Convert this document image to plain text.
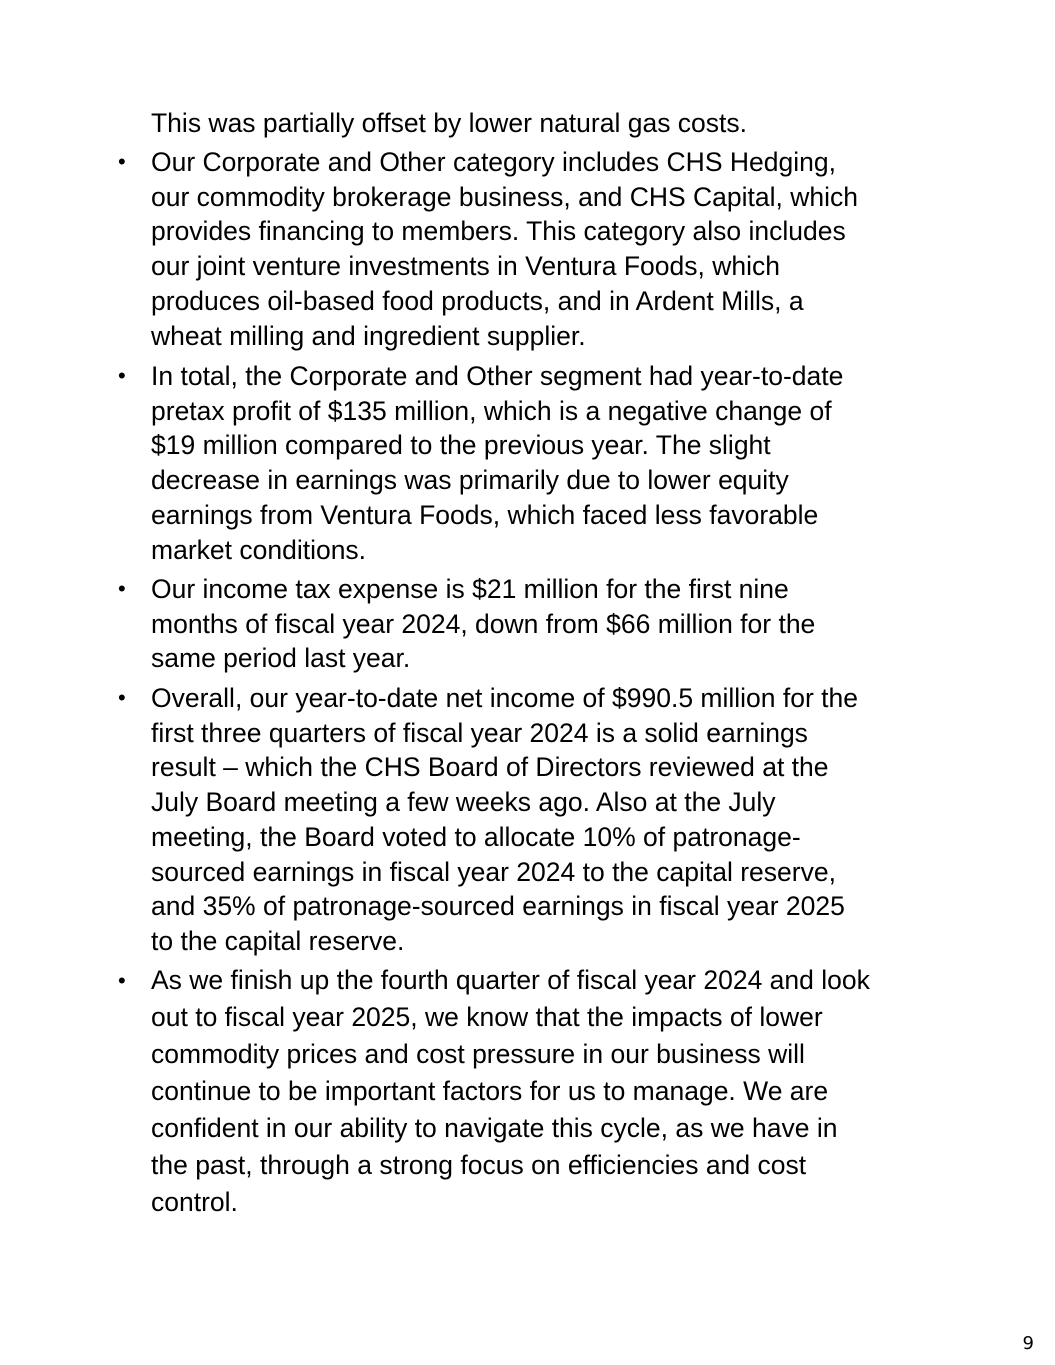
This was partially offset by lower natural gas costs.
• Our Corporate and Other category includes CHS Hedging,
our commodity brokerage business, and CHS Capital, which
provides financing to members. This category also includes
our joint venture investments in Ventura Foods, which
produces oil-based food products, and in Ardent Mills, a
wheat milling and ingredient supplier.
• In total, the Corporate and Other segment had year-to-date
pretax profit of $135 million, which is a negative change of
$19 million compared to the previous year. The slight
decrease in earnings was primarily due to lower equity
earnings from Ventura Foods, which faced less favorable
market conditions.
• Our income tax expense is $21 million for the first nine
months of fiscal year 2024, down from $66 million for the
same period last year.
• Overall, our year-to-date net income of $990.5 million for the
first three quarters of fiscal year 2024 is a solid earnings
result – which the CHS Board of Directors reviewed at the
July Board meeting a few weeks ago. Also at the July
meeting, the Board voted to allocate 10% of patronage-
sourced earnings in fiscal year 2024 to the capital reserve,
and 35% of patronage-sourced earnings in fiscal year 2025
to the capital reserve.
• As we finish up the fourth quarter of fiscal year 2024 and look
out to fiscal year 2025, we know that the impacts of lower
commodity prices and cost pressure in our business will
continue to be important factors for us to manage. We are
confident in our ability to navigate this cycle, as we have in
the past, through a strong focus on efficiencies and cost
control.
9
